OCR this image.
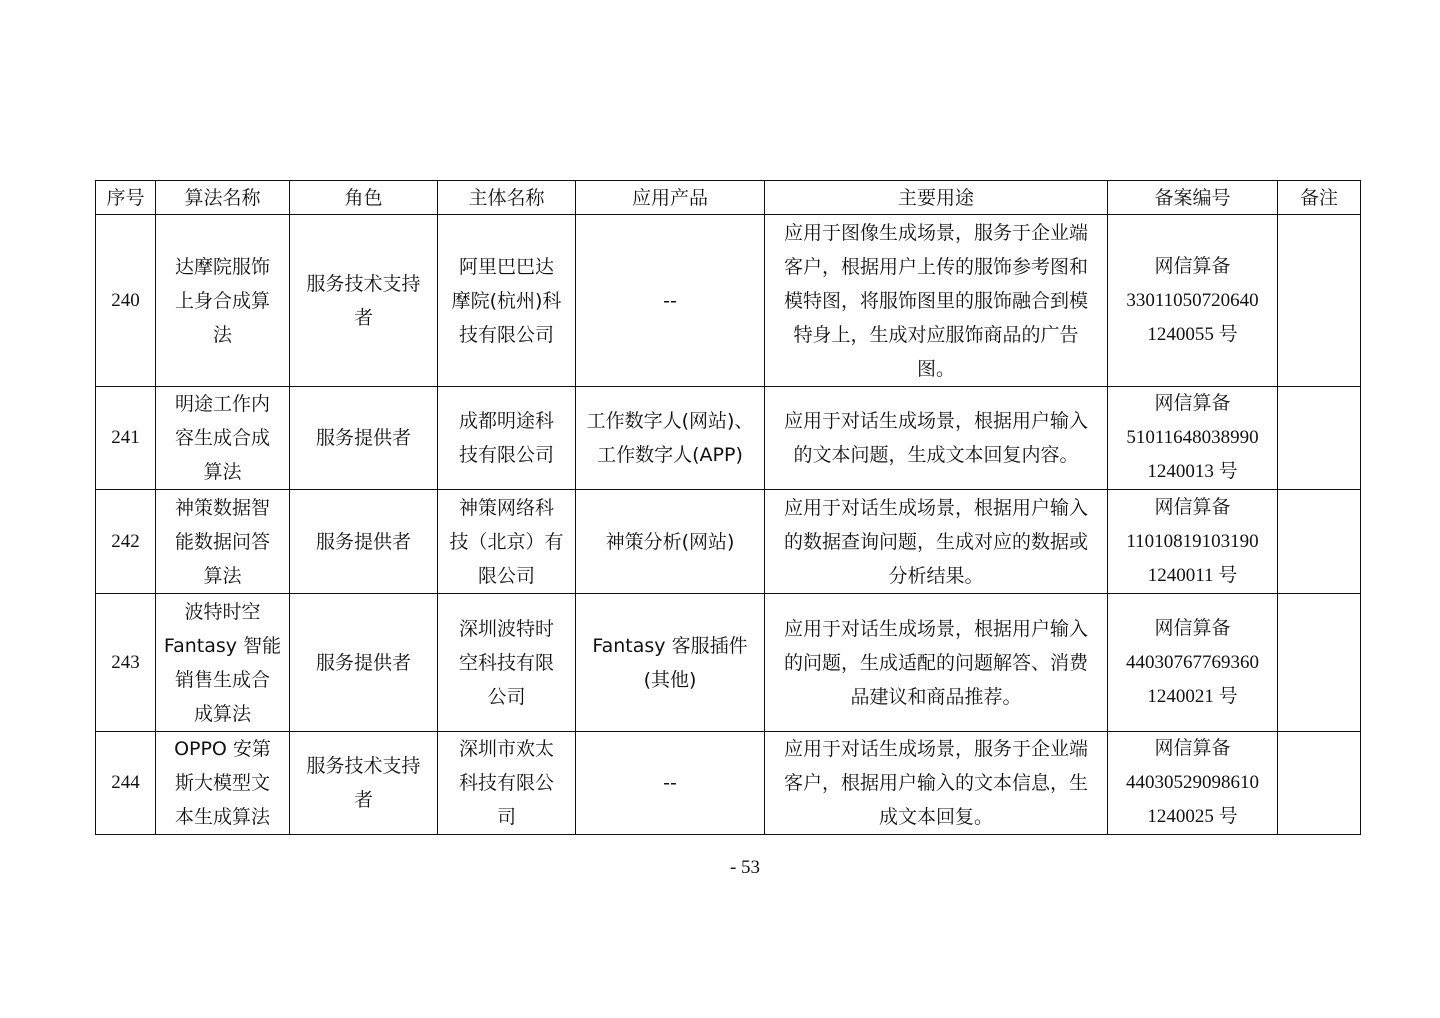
序号	算法名称	角色	主体名称	应用产品	主要用途	备案编号	备注
240	达摩院服饰
上身合成算
法	服务技术支持
者	阿里巴巴达
摩院(杭州)科
技有限公司	--	应用于图像生成场景，服务于企业端
客户，根据用户上传的服饰参考图和
模特图，将服饰图里的服饰融合到模
特身上，生成对应服饰商品的广告
图。	网信算备
33011050720640
1240055 号	

241	明途工作内
容生成合成
算法	服务提供者	成都明途科
技有限公司	工作数字人(网站)、
工作数字人(APP)	应用于对话生成场景，根据用户输入
的文本问题，生成文本回复内容。	网信算备
51011648038990
1240013 号	

242	神策数据智
能数据问答
算法	服务提供者	神策网络科
技（北京）有
限公司	神策分析(网站)	应用于对话生成场景，根据用户输入
的数据查询问题，生成对应的数据或
分析结果。	网信算备
11010819103190
1240011 号	

243	波特时空
Fantasy 智能
销售生成合
成算法	服务提供者	深圳波特时
空科技有限
公司	Fantasy 客服插件
(其他)	应用于对话生成场景，根据用户输入
的问题，生成适配的问题解答、消费
品建议和商品推荐。	网信算备
44030767769360
1240021 号	

244	OPPO 安第
斯大模型文
本生成算法	服务技术支持
者	深圳市欢太
科技有限公
司	--	应用于对话生成场景，服务于企业端
客户，根据用户输入的文本信息，生
成文本回复。	网信算备
44030529098610
1240025 号	

- 53
